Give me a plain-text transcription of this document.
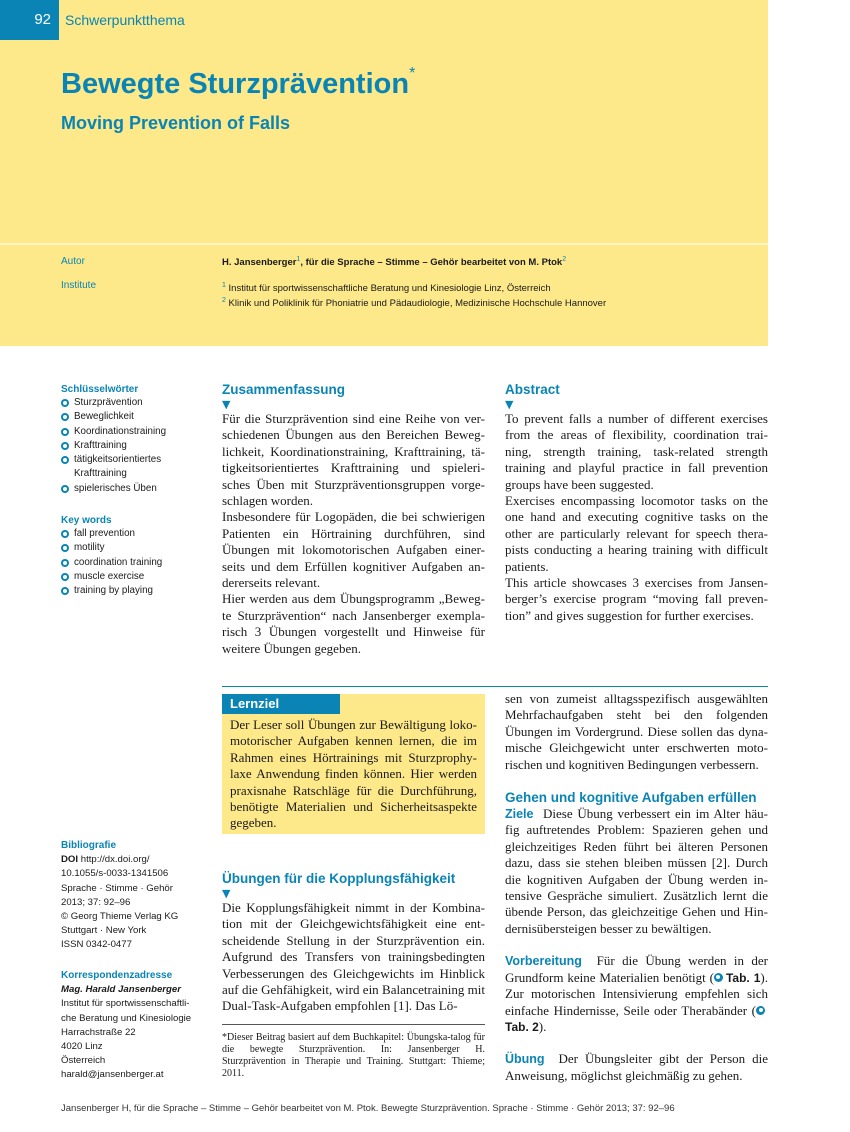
92	Schwerpunktthema
Bewegte Sturzprävention*
Moving Prevention of Falls
Autor	H. Jansenberger$^1$, für die Sprache – Stimme – Gehör bearbeitet von M. Ptok$^2$
Institute	$^1$ Institut für sportwissenschaftliche Beratung und Kinesiologie Linz, Österreich
$^2$ Klinik und Poliklinik für Phoniatrie und Pädaudiologie, Medizinische Hochschule Hannover
Schlüsselwörter
Sturzprävention
Beweglichkeit
Koordinationstraining
Krafttraining
tätigkeitsorientiertes
Krafttraining
spielerisches Üben
Key words
fall prevention
motility
coordination training
muscle exercise
training by playing
Bibliografie
DOI http://dx.doi.org/
10.1055/s-0033-1341506
Sprache · Stimme · Gehör
2013; 37: 92–96
© Georg Thieme Verlag KG
Stuttgart · New York
ISSN 0342-0477
Korrespondenzadresse
Mag. Harald Jansenberger
Institut für sportwissenschaftli-
che Beratung und Kinesiologie
Harrachstraße 22
4020 Linz
Österreich
harald@jansenberger.at
Zusammenfassung
▼

Für die Sturzprävention sind eine Reihe von ver-schiedenen Übungen aus den Bereichen Beweg-lichkeit, Koordinationstraining, Krafttraining, tä-tigkeitsorientiertes Krafttraining und spieleri-sches Üben mit Sturzpräventionsgruppen vorge-schlagen worden.

Insbesondere für Logopäden, die bei schwierigen Patienten ein Hörtraining durchführen, sind Übungen mit lokomotorischen Aufgaben einer-seits und dem Erfüllen kognitiver Aufgaben an-dererseits relevant.

Hier werden aus dem Übungsprogramm „Beweg-te Sturzprävention“ nach Jansenberger exempla-risch 3 Übungen vorgestellt und Hinweise für weitere Übungen gegeben.

Abstract
▼

To prevent falls a number of different exercises from the areas of flexibility, coordination trai-ning, strength training, task-related strength training and playful practice in fall prevention groups have been suggested.

Exercises encompassing locomotor tasks on the one hand and executing cognitive tasks on the other are particularly relevant for speech thera-pists conducting a hearing training with difficult patients.

This article showcases 3 exercises from Jansen-berger’s exercise program “moving fall preven-tion” and gives suggestion for further exercises.

Lernziel
Der Leser soll Übungen zur Bewältigung loko-motorischer Aufgaben kennen lernen, die im Rahmen eines Hörtrainings mit Sturzprophy-laxe Anwendung finden können. Hier werden praxisnahe Ratschläge für die Durchführung, benötigte Materialien und Sicherheitsaspekte gegeben.
Übungen für die Kopplungsfähigkeit
▼
Die Kopplungsfähigkeit nimmt in der Kombina-tion mit der Gleichgewichtsfähigkeit eine ent-scheidende Stellung in der Sturzprävention ein. Aufgrund des Transfers von trainingsbedingten Verbesserungen des Gleichgewichts im Hinblick auf die Gehfähigkeit, wird ein Balancetraining mit Dual-Task-Aufgaben empfohlen [1]. Das Lö-
*Dieser Beitrag basiert auf dem Buchkapitel: Übungska-talog für die bewegte Sturzprävention. In: Jansenberger H. Sturzprävention in Therapie und Training. Stuttgart: Thieme; 2011.
sen von zumeist alltagsspezifisch ausgewählten Mehrfachaufgaben steht bei den folgenden Übungen im Vordergrund. Diese sollen das dyna-mische Gleichgewicht unter erschwerten moto-rischen und kognitiven Bedingungen verbessern.
Gehen und kognitive Aufgaben erfüllen
Ziele Diese Übung verbessert ein im Alter häu-fig auftretendes Problem: Spazieren gehen und gleichzeitiges Reden führt bei älteren Personen dazu, dass sie stehen bleiben müssen [2]. Durch die kognitiven Aufgaben der Übung werden in-tensive Gespräche simuliert. Zusätzlich lernt die übende Person, das gleichzeitige Gehen und Hin-dernisübersteigen besser zu bewältigen.
Vorbereitung Für die Übung werden in der Grundform keine Materialien benötigt ( Tab. 1). Zur motorischen Intensivierung empfehlen sich einfache Hindernisse, Seile oder Therabänder (Tab. 2).
Übung Der Übungsleiter gibt der Person die Anweisung, möglichst gleichmäßig zu gehen.
Jansenberger H, für die Sprache – Stimme – Gehör bearbeitet von M. Ptok. Bewegte Sturzprävention. Sprache · Stimme · Gehör 2013; 37: 92–96
